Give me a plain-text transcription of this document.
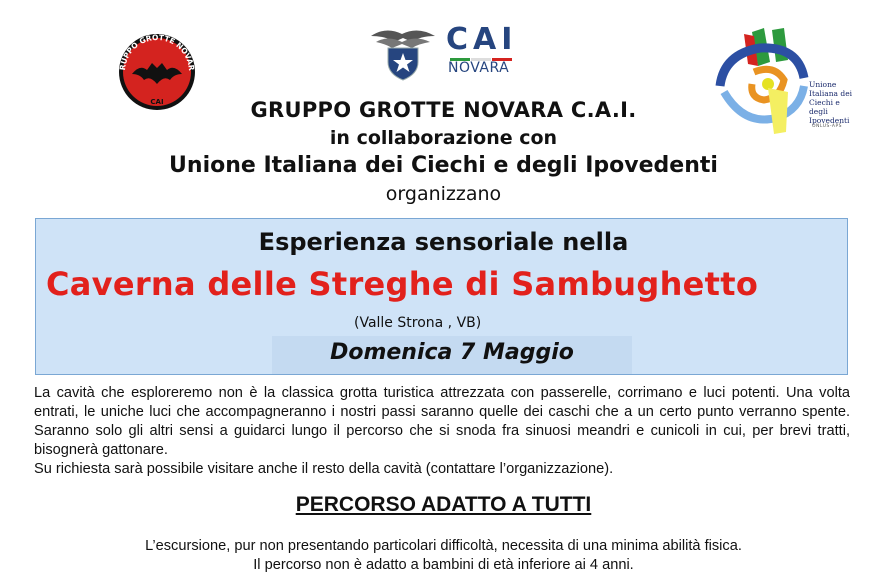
RUPPO GROTTE NOVAR
CAI
CAI
NOVARA
Unione
Italiana dei
Ciechi e degli
Ipovedenti
ONLUS-APS
GRUPPO GROTTE NOVARA C.A.I.
in collaborazione con
Unione Italiana dei Ciechi e degli Ipovedenti
organizzano
Esperienza sensoriale nella
Caverna delle Streghe di Sambughetto
(Valle Strona , VB)
Domenica 7 Maggio

La cavità che esploreremo non è la classica grotta turistica attrezzata con passerelle, corrimano e luci potenti. Una volta entrati, le uniche luci che accompagneranno i nostri passi saranno quelle dei caschi che a un certo punto verranno spente. Saranno solo gli altri sensi a guidarci lungo il percorso che si snoda fra sinuosi meandri e cunicoli in cui, per brevi tratti, bisognerà gattonare.

Su richiesta sarà possibile visitare anche il resto della cavità (contattare l’organizzazione).

PERCORSO ADATTO A TUTTI
L’escursione, pur non presentando particolari difficoltà, necessita di una minima abilità fisica.
Il percorso non è adatto a bambini di età inferiore ai 4 anni.
